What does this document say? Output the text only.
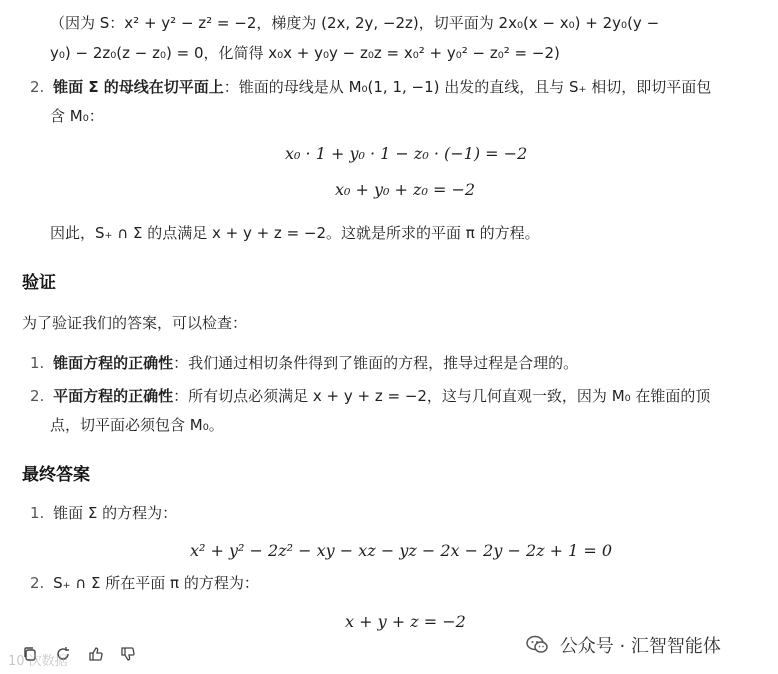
（因为 S：x² + y² − z² = −2，梯度为 (2x, 2y, −2z)，切平面为 2x₀(x − x₀) + 2y₀(y −
y₀) − 2z₀(z − z₀) = 0，化简得 x₀x + y₀y − z₀z = x₀² + y₀² − z₀² = −2)
2. 锥面 Σ 的母线在切平面上：锥面的母线是从 M₀(1, 1, −1) 出发的直线，且与 S₊ 相切，即切平面包
含 M₀：
x₀ · 1 + y₀ · 1 − z₀ · (−1) = −2
x₀ + y₀ + z₀ = −2
因此，S₊ ∩ Σ 的点满足 x + y + z = −2。这就是所求的平面 π 的方程。
验证
为了验证我们的答案，可以检查：
1. 锥面方程的正确性：我们通过相切条件得到了锥面的方程，推导过程是合理的。
2. 平面方程的正确性：所有切点必须满足 x + y + z = −2，这与几何直观一致，因为 M₀ 在锥面的顶
点，切平面必须包含 M₀。
最终答案
1. 锥面 Σ 的方程为：
x² + y² − 2z² − xy − xz − yz − 2x − 2y − 2z + 1 = 0
2. S₊ ∩ Σ 所在平面 π 的方程为：
x + y + z = −2

10 次数据
公众号 · 汇智智能体
